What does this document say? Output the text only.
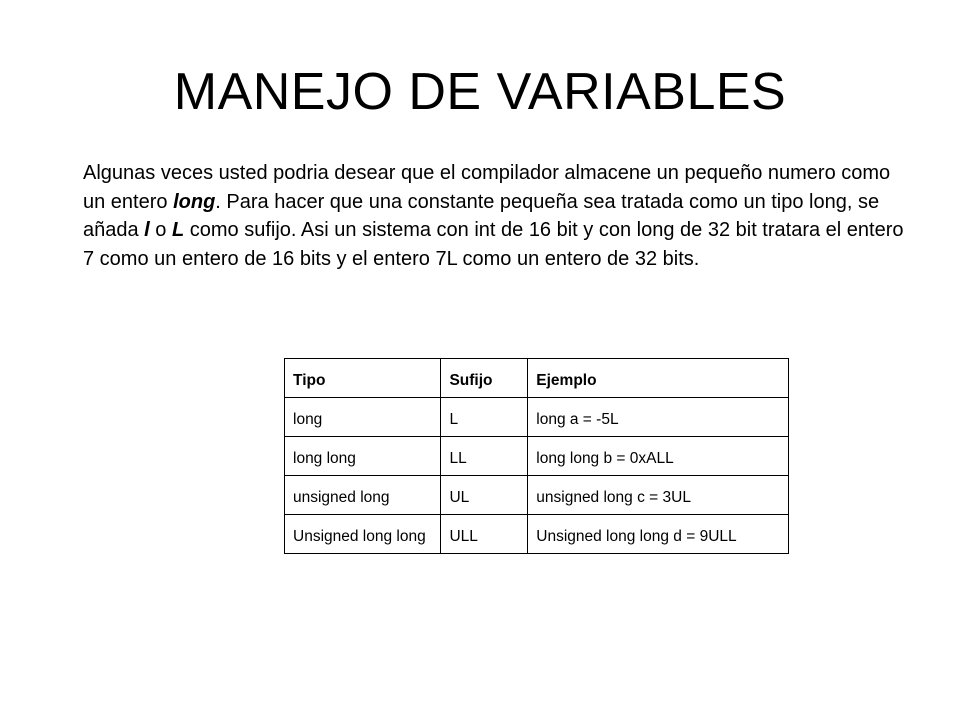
MANEJO DE VARIABLES
Algunas veces usted podria desear que el compilador almacene un pequeño numero como un entero long. Para hacer que una constante pequeña sea tratada como un tipo long, se añada l o L como sufijo. Asi un sistema con int de 16 bit y con long de 32 bit tratara el entero 7 como un entero de 16 bits y el entero 7L como un entero de 32 bits.
Tipo	Sufijo	Ejemplo
long	L	long a = -5L
long long	LL	long long b = 0xALL
unsigned long	UL	unsigned long c = 3UL
Unsigned long long	ULL	Unsigned long long d = 9ULL
